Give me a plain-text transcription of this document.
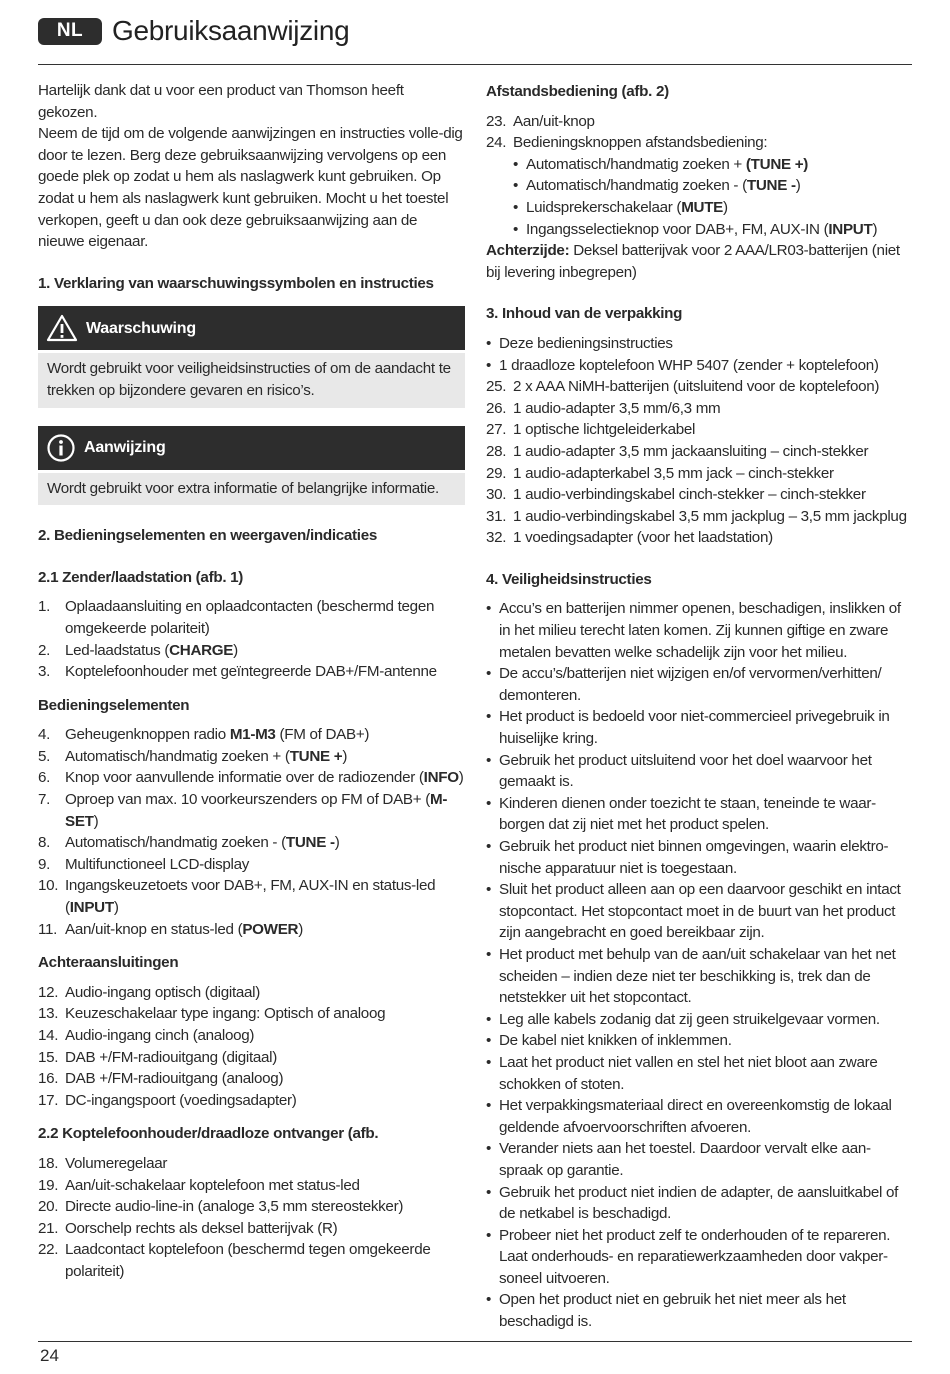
NL	Gebruiksaanwijzing

Hartelijk dank dat u voor een product van Thomson heeft gekozen.
Neem de tijd om de volgende aanwijzingen en instructies volle-dig door te lezen. Berg deze gebruiksaanwijzing vervolgens op een goede plek op zodat u hem als naslagwerk kunt gebruiken. Op zodat u hem als naslagwerk kunt gebruiken. Mocht u het toestel verkopen, geeft u dan ook deze gebruiksaanwijzing aan de nieuwe eigenaar.

1. Verklaring van waarschuwingssymbolen en instructies

Waarschuwing
Wordt gebruikt voor veiligheidsinstructies of om de aandacht te trekken op bijzondere gevaren en risico’s.
Aanwijzing
Wordt gebruikt voor extra informatie of belangrijke informatie.

2. Bedieningselementen en weergaven/indicaties

2.1 Zender/laadstation (afb. 1)

1. Oplaadaansluiting en oplaadcontacten (beschermd tegen omgekeerde polariteit)
2. Led-laadstatus (CHARGE)
3. Koptelefoonhouder met geïntegreerde DAB+/FM-antenne

Bedieningselementen

4. Geheugenknoppen radio M1-M3 (FM of DAB+)
5. Automatisch/handmatig zoeken + (TUNE +)
6. Knop voor aanvullende informatie over de radiozender (INFO)
7. Oproep van max. 10 voorkeurszenders op FM of DAB+ (M-SET)
8. Automatisch/handmatig zoeken - (TUNE -)
9. Multifunctioneel LCD-display
10. Ingangskeuzetoets voor DAB+, FM, AUX-IN en status-led (INPUT)
11. Aan/uit-knop en status-led (POWER)

Achteraansluitingen

12. Audio-ingang optisch (digitaal)
13. Keuzeschakelaar type ingang: Optisch of analoog
14. Audio-ingang cinch (analoog)
15. DAB +/FM-radiouitgang (digitaal)
16. DAB +/FM-radiouitgang (analoog)
17. DC-ingangspoort (voedingsadapter)

2.2 Koptelefoonhouder/draadloze ontvanger (afb.

18. Volumeregelaar
19. Aan/uit-schakelaar koptelefoon met status-led
20. Directe audio-line-in (analoge 3,5 mm stereostekker)
21. Oorschelp rechts als deksel batterijvak (R)
22. Laadcontact koptelefoon (beschermd tegen omgekeerde polariteit)

Afstandsbediening (afb. 2)

23. Aan/uit-knop
24. Bedieningsknoppen afstandsbediening:
• Automatisch/handmatig zoeken + (TUNE +)
• Automatisch/handmatig zoeken - (TUNE -)
• Luidsprekerschakelaar (MUTE)
• Ingangsselectieknop voor DAB+, FM, AUX-IN (INPUT)

Achterzijde: Deksel batterijvak voor 2 AAA/LR03-batterijen (niet bij levering inbegrepen)

3. Inhoud van de verpakking

• Deze bedieningsinstructies
• 1 draadloze koptelefoon WHP 5407 (zender + koptelefoon)
25. 2 x AAA NiMH-batterijen (uitsluitend voor de koptelefoon)
26. 1 audio-adapter 3,5 mm/6,3 mm
27. 1 optische lichtgeleiderkabel
28. 1 audio-adapter 3,5 mm jackaansluiting – cinch-stekker
29. 1 audio-adapterkabel 3,5 mm jack – cinch-stekker
30. 1 audio-verbindingskabel cinch-stekker – cinch-stekker
31. 1 audio-verbindingskabel 3,5 mm jackplug – 3,5 mm jackplug
32. 1 voedingsadapter (voor het laadstation)

4. Veiligheidsinstructies

• Accu’s en batterijen nimmer openen, beschadigen, inslikken of in het milieu terecht laten komen. Zij kunnen giftige en zware metalen bevatten welke schadelijk zijn voor het milieu.
• De accu’s/batterijen niet wijzigen en/of vervormen/verhitten/ demonteren.
• Het product is bedoeld voor niet-commercieel privegebruik in huiselijke kring.
• Gebruik het product uitsluitend voor het doel waarvoor het gemaakt is.
• Kinderen dienen onder toezicht te staan, teneinde te waar-borgen dat zij niet met het product spelen.
• Gebruik het product niet binnen omgevingen, waarin elektro-nische apparatuur niet is toegestaan.
• Sluit het product alleen aan op een daarvoor geschikt en intact stopcontact. Het stopcontact moet in de buurt van het product zijn aangebracht en goed bereikbaar zijn.
• Het product met behulp van de aan/uit schakelaar van het net scheiden – indien deze niet ter beschikking is, trek dan de netstekker uit het stopcontact.
• Leg alle kabels zodanig dat zij geen struikelgevaar vormen.
• De kabel niet knikken of inklemmen.
• Laat het product niet vallen en stel het niet bloot aan zware schokken of stoten.
• Het verpakkingsmateriaal direct en overeenkomstig de lokaal geldende afvoervoorschriften afvoeren.
• Verander niets aan het toestel. Daardoor vervalt elke aan-spraak op garantie.
• Gebruik het product niet indien de adapter, de aansluitkabel of de netkabel is beschadigd.
• Probeer niet het product zelf te onderhouden of te repareren. Laat onderhouds- en reparatiewerkzaamheden door vakper-soneel uitvoeren.
• Open het product niet en gebruik het niet meer als het beschadigd is.
24
